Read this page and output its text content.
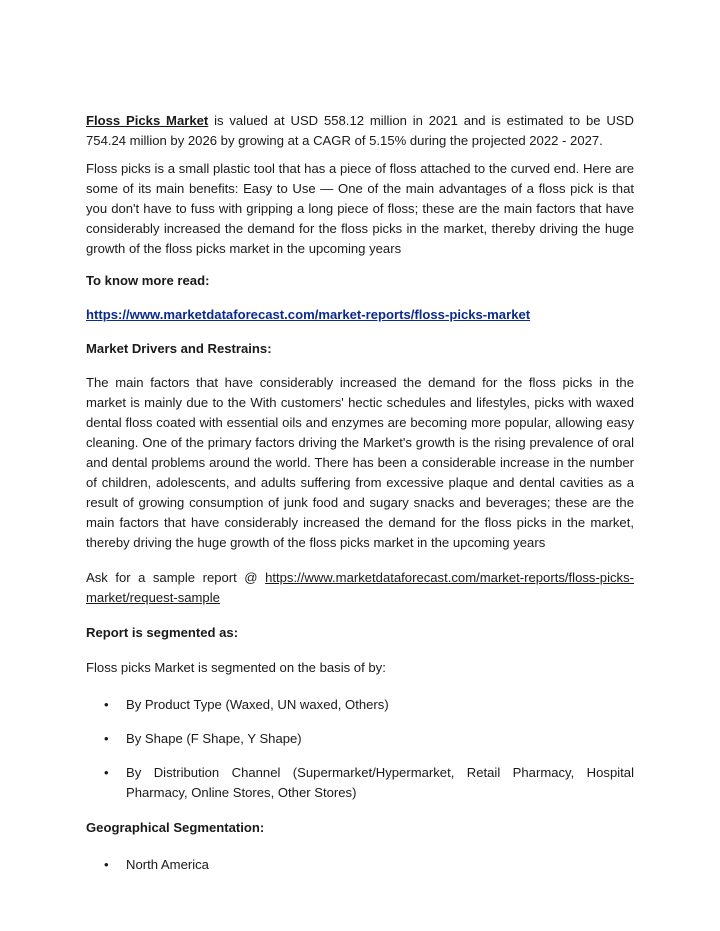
Floss Picks Market is valued at USD 558.12 million in 2021 and is estimated to be USD 754.24 million by 2026 by growing at a CAGR of 5.15% during the projected 2022 - 2027.

Floss picks is a small plastic tool that has a piece of floss attached to the curved end. Here are some of its main benefits: Easy to Use — One of the main advantages of a floss pick is that you don't have to fuss with gripping a long piece of floss; these are the main factors that have considerably increased the demand for the floss picks in the market, thereby driving the huge growth of the floss picks market in the upcoming years

To know more read:

https://www.marketdataforecast.com/market-reports/floss-picks-market

Market Drivers and Restrains:

The main factors that have considerably increased the demand for the floss picks in the market is mainly due to the With customers' hectic schedules and lifestyles, picks with waxed dental floss coated with essential oils and enzymes are becoming more popular, allowing easy cleaning. One of the primary factors driving the Market's growth is the rising prevalence of oral and dental problems around the world. There has been a considerable increase in the number of children, adolescents, and adults suffering from excessive plaque and dental cavities as a result of growing consumption of junk food and sugary snacks and beverages; these are the main factors that have considerably increased the demand for the floss picks in the market, thereby driving the huge growth of the floss picks market in the upcoming years

Ask for a sample report @ https://www.marketdataforecast.com/market-reports/floss-picks-market/request-sample

Report is segmented as:

Floss picks Market is segmented on the basis of by:

• By Product Type (Waxed, UN waxed, Others)
• By Shape (F Shape, Y Shape)
• By Distribution Channel (Supermarket/Hypermarket, Retail Pharmacy, Hospital Pharmacy, Online Stores, Other Stores)

Geographical Segmentation:

• North America
